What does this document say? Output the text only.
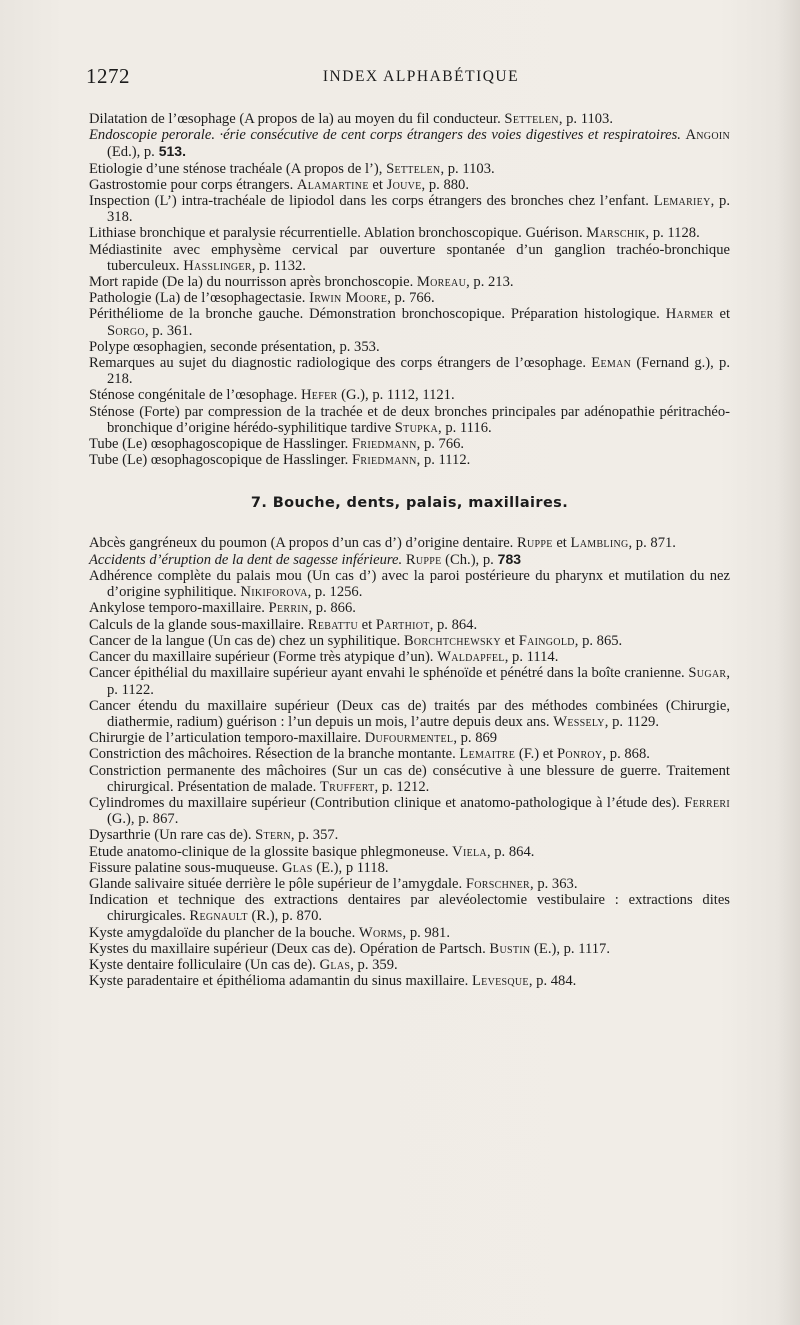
1272	INDEX ALPHABÉTIQUE

Dilatation de l’œsophage (A propos de la) au moyen du fil conducteur. Settelen, p. 1103.

Endoscopie perorale. ·érie consécutive de cent corps étrangers des voies digestives et respiratoires. Angoin (Ed.), p. 513.

Etiologie d’une sténose trachéale (A propos de l’), Settelen, p. 1103.

Gastrostomie pour corps étrangers. Alamartine et Jouve, p. 880.

Inspection (L’) intra-trachéale de lipiodol dans les corps étrangers des bronches chez l’enfant. Lemariey, p. 318.

Lithiase bronchique et paralysie récurrentielle. Ablation bronchoscopique. Guérison. Marschik, p. 1128.

Médiastinite avec emphysème cervical par ouverture spontanée d’un ganglion trachéo-bronchique tuberculeux. Hasslinger, p. 1132.

Mort rapide (De la) du nourrisson après bronchoscopie. Moreau, p. 213.

Pathologie (La) de l’œsophagectasie. Irwin Moore, p. 766.

Périthéliome de la bronche gauche. Démonstration bronchoscopique. Préparation histologique. Harmer et Sorgo, p. 361.

Polype œsophagien, seconde présentation, p. 353.

Remarques au sujet du diagnostic radiologique des corps étrangers de l’œsophage. Eeman (Fernand g.), p. 218.

Sténose congénitale de l’œsophage. Hefer (G.), p. 1112, 1121.

Sténose (Forte) par compression de la trachée et de deux bronches principales par adénopathie péritrachéo-bronchique d’origine hérédo-syphilitique tardive Stupka, p. 1116.

Tube (Le) œsophagoscopique de Hasslinger. Friedmann, p. 766.

Tube (Le) œsophagoscopique de Hasslinger. Friedmann, p. 1112.

7. Bouche, dents, palais, maxillaires.

Abcès gangréneux du poumon (A propos d’un cas d’) d’origine dentaire. Ruppe et Lambling, p. 871.

Accidents d’éruption de la dent de sagesse inférieure. Ruppe (Ch.), p. 783

Adhérence complète du palais mou (Un cas d’) avec la paroi postérieure du pharynx et mutilation du nez d’origine syphilitique. Nikiforova, p. 1256.

Ankylose temporo-maxillaire. Perrin, p. 866.

Calculs de la glande sous-maxillaire. Rebattu et Parthiot, p. 864.

Cancer de la langue (Un cas de) chez un syphilitique. Borchtchewsky et Faingold, p. 865.

Cancer du maxillaire supérieur (Forme très atypique d’un). Waldapfel, p. 1114.

Cancer épithélial du maxillaire supérieur ayant envahi le sphénoïde et pénétré dans la boîte cranienne. Sugar, p. 1122.

Cancer étendu du maxillaire supérieur (Deux cas de) traités par des méthodes combinées (Chirurgie, diathermie, radium) guérison : l’un depuis un mois, l’autre depuis deux ans. Wessely, p. 1129.

Chirurgie de l’articulation temporo-maxillaire. Dufourmentel, p. 869

Constriction des mâchoires. Résection de la branche montante. Lemaitre (F.) et Ponroy, p. 868.

Constriction permanente des mâchoires (Sur un cas de) consécutive à une blessure de guerre. Traitement chirurgical. Présentation de malade. Truffert, p. 1212.

Cylindromes du maxillaire supérieur (Contribution clinique et anatomo-pathologique à l’étude des). Ferreri (G.), p. 867.

Dysarthrie (Un rare cas de). Stern, p. 357.

Etude anatomo-clinique de la glossite basique phlegmoneuse. Viela, p. 864.

Fissure palatine sous-muqueuse. Glas (E.), p 1118.

Glande salivaire située derrière le pôle supérieur de l’amygdale. Forschner, p. 363.

Indication et technique des extractions dentaires par alevéolectomie vestibulaire : extractions dites chirurgicales. Regnault (R.), p. 870.

Kyste amygdaloïde du plancher de la bouche. Worms, p. 981.

Kystes du maxillaire supérieur (Deux cas de). Opération de Partsch. Bustin (E.), p. 1117.

Kyste dentaire folliculaire (Un cas de). Glas, p. 359.

Kyste paradentaire et épithélioma adamantin du sinus maxillaire. Levesque, p. 484.
